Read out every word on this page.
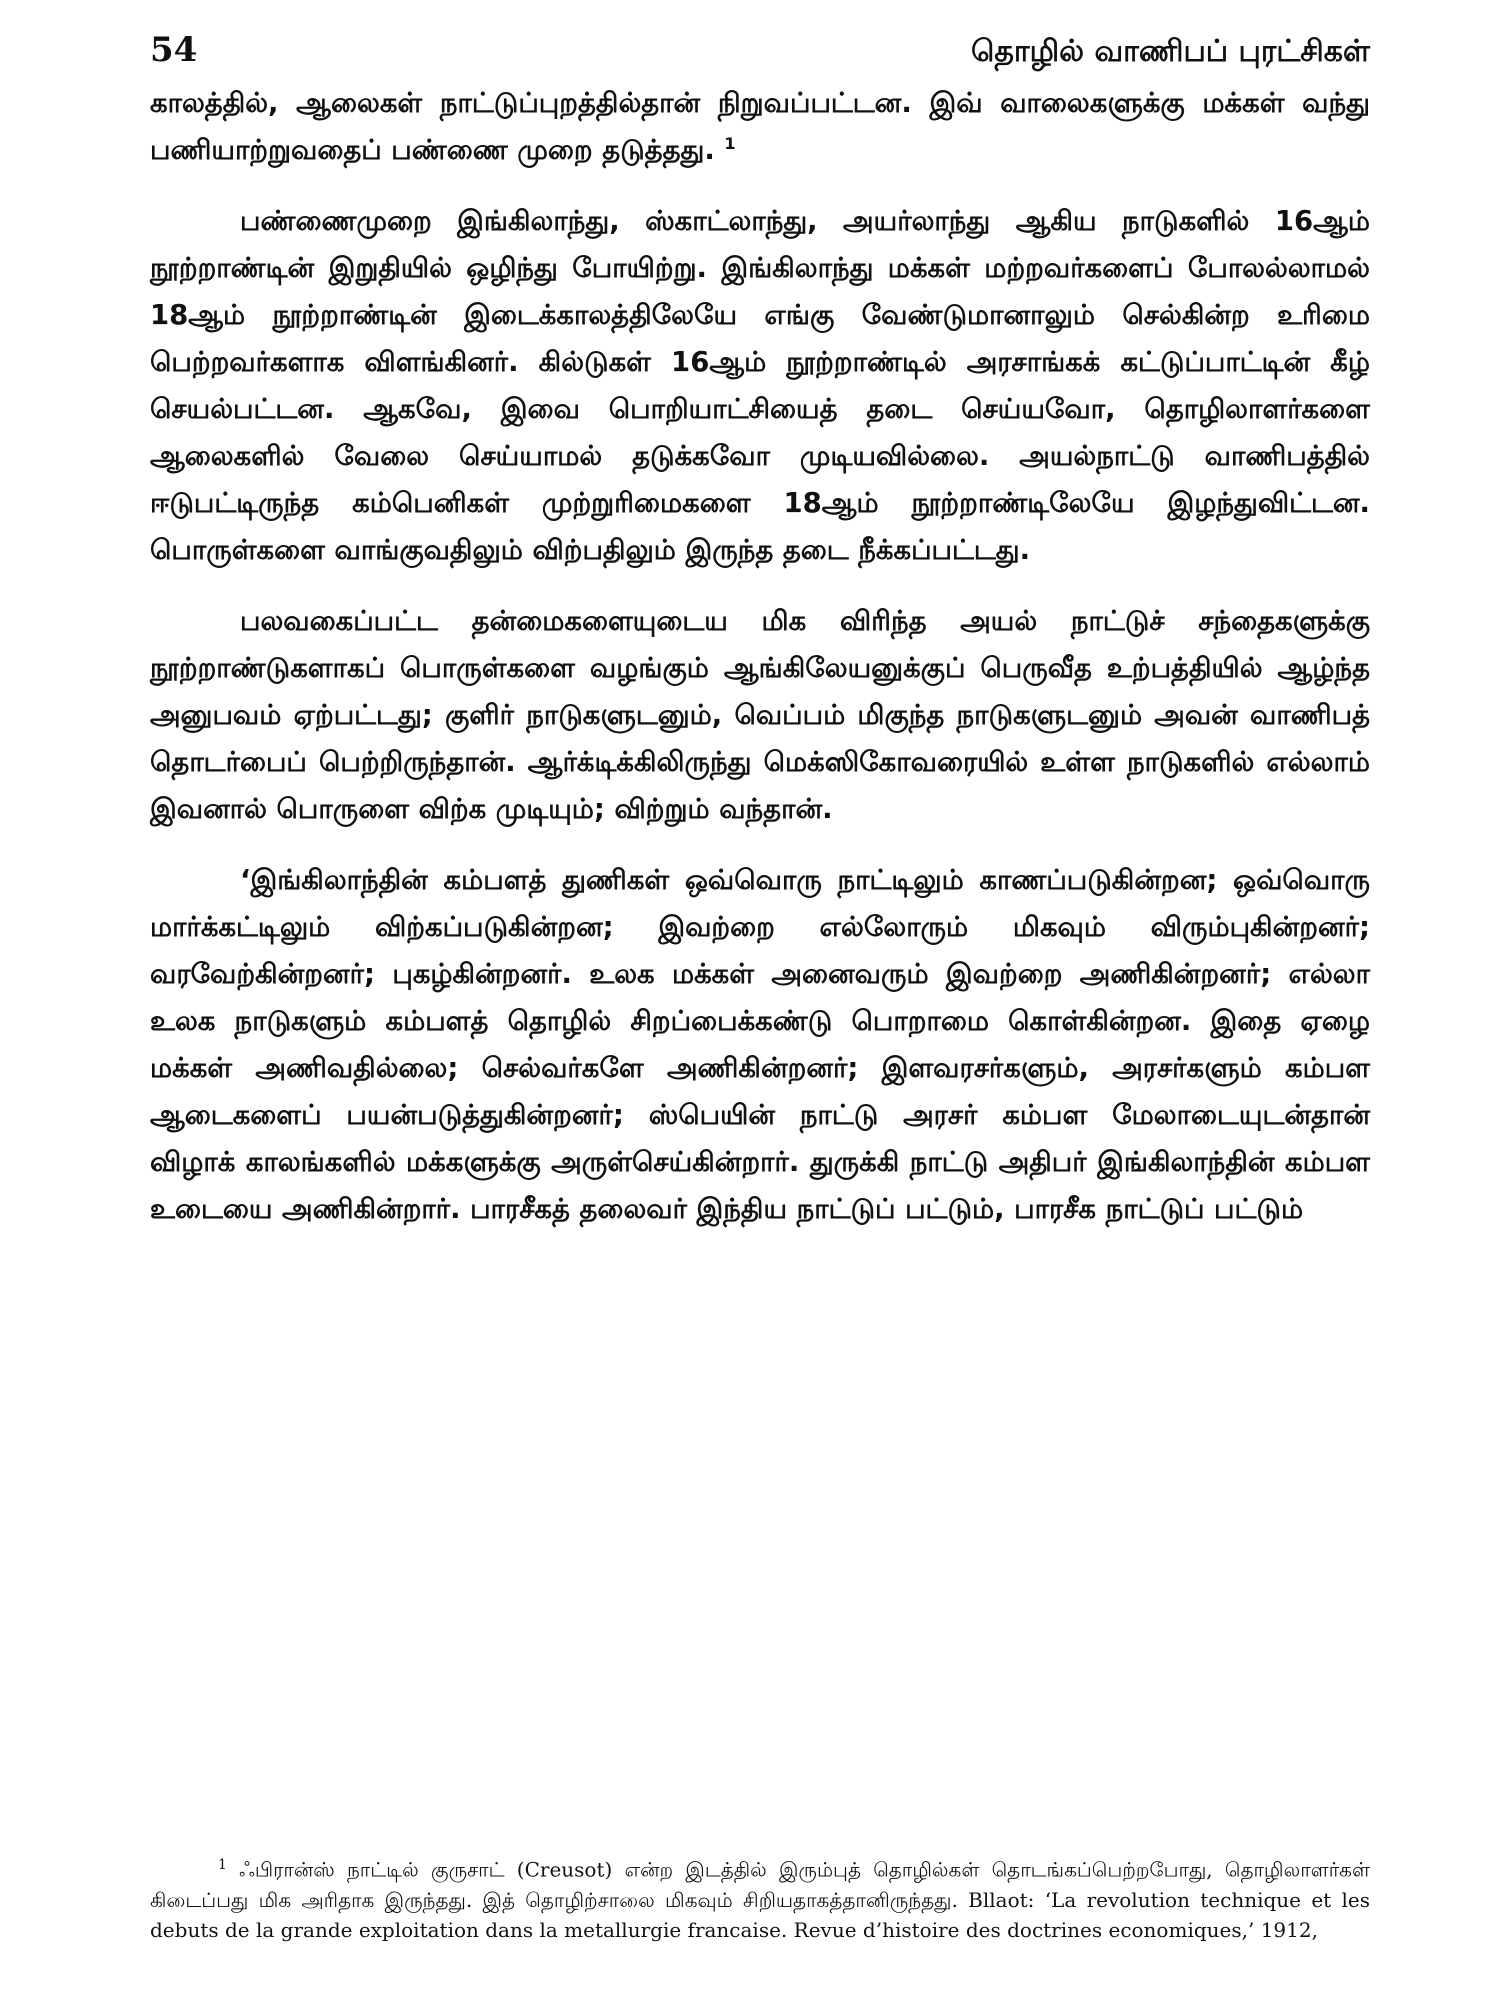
54	தொழில் வாணிபப் புரட்சிகள்

காலத்தில், ஆலைகள் நாட்டுப்புறத்தில்தான் நிறுவப்பட்டன. இவ் வாலைகளுக்கு மக்கள் வந்து பணியாற்றுவதைப் பண்ணை முறை தடுத்தது. $^1$

பண்ணைமுறை இங்கிலாந்து, ஸ்காட்லாந்து, அயர்லாந்து ஆகிய நாடுகளில் 16ஆம் நூற்றாண்டின் இறுதியில் ஒழிந்து போயிற்று. இங்கிலாந்து மக்கள் மற்றவர்களைப் போலல்லாமல் 18ஆம் நூற்றாண்டின் இடைக்காலத்திலேயே எங்கு வேண்டுமானாலும் செல்கின்ற உரிமை பெற்றவர்களாக விளங்கினர். கில்டுகள் 16ஆம் நூற்றாண்டில் அரசாங்கக் கட்டுப்பாட்டின் கீழ் செயல்பட்டன. ஆகவே, இவை பொறியாட்சியைத் தடை செய்யவோ, தொழிலாளர்களை ஆலைகளில் வேலை செய்யாமல் தடுக்கவோ முடியவில்லை. அயல்நாட்டு வாணிபத்தில் ஈடுபட்டிருந்த கம்பெனிகள் முற்றுரிமைகளை 18ஆம் நூற்றாண்டிலேயே இழந்துவிட்டன. பொருள்களை வாங்குவதிலும் விற்பதிலும் இருந்த தடை நீக்கப்பட்டது.

பலவகைப்பட்ட தன்மைகளையுடைய மிக விரிந்த அயல் நாட்டுச் சந்தைகளுக்கு நூற்றாண்டுகளாகப் பொருள்களை வழங்கும் ஆங்கிலேயனுக்குப் பெருவீத உற்பத்தியில் ஆழ்ந்த அனுபவம் ஏற்பட்டது; குளிர் நாடுகளுடனும், வெப்பம் மிகுந்த நாடுகளுடனும் அவன் வாணிபத் தொடர்பைப் பெற்றிருந்தான். ஆர்க்டிக்கிலிருந்து மெக்ஸிகோவரையில் உள்ள நாடுகளில் எல்லாம் இவனால் பொருளை விற்க முடியும்; விற்றும் வந்தான்.

‘இங்கிலாந்தின் கம்பளத் துணிகள் ஒவ்வொரு நாட்டிலும் காணப்படுகின்றன; ஒவ்வொரு மார்க்கட்டிலும் விற்கப்படுகின்றன; இவற்றை எல்லோரும் மிகவும் விரும்புகின்றனர்; வரவேற்கின்றனர்; புகழ்கின்றனர். உலக மக்கள் அனைவரும் இவற்றை அணிகின்றனர்; எல்லா உலக நாடுகளும் கம்பளத் தொழில் சிறப்பைக்கண்டு பொறாமை கொள்கின்றன. இதை ஏழை மக்கள் அணிவதில்லை; செல்வர்களே அணிகின்றனர்; இளவரசர்களும், அரசர்களும் கம்பள ஆடைகளைப் பயன்படுத்துகின்றனர்; ஸ்பெயின் நாட்டு அரசர் கம்பள மேலாடையுடன்தான் விழாக் காலங்களில் மக்களுக்கு அருள்செய்கின்றார். துருக்கி நாட்டு அதிபர் இங்கிலாந்தின் கம்பள உடையை அணிகின்றார். பாரசீகத் தலைவர் இந்திய நாட்டுப் பட்டும், பாரசீக நாட்டுப் பட்டும்

$^1$ ஃபிரான்ஸ் நாட்டில் குருசாட் (Creusot) என்ற இடத்தில் இரும்புத் தொழில்கள் தொடங்கப்பெற்றபோது, தொழிலாளர்கள் கிடைப்பது மிக அரிதாக இருந்தது. இத் தொழிற்சாலை மிகவும் சிறியதாகத்தானிருந்தது. Bllaot: ‘La revolution technique et les debuts de la grande exploitation dans la metallurgie francaise. Revue d’histoire des doctrines economiques,’ 1912,
